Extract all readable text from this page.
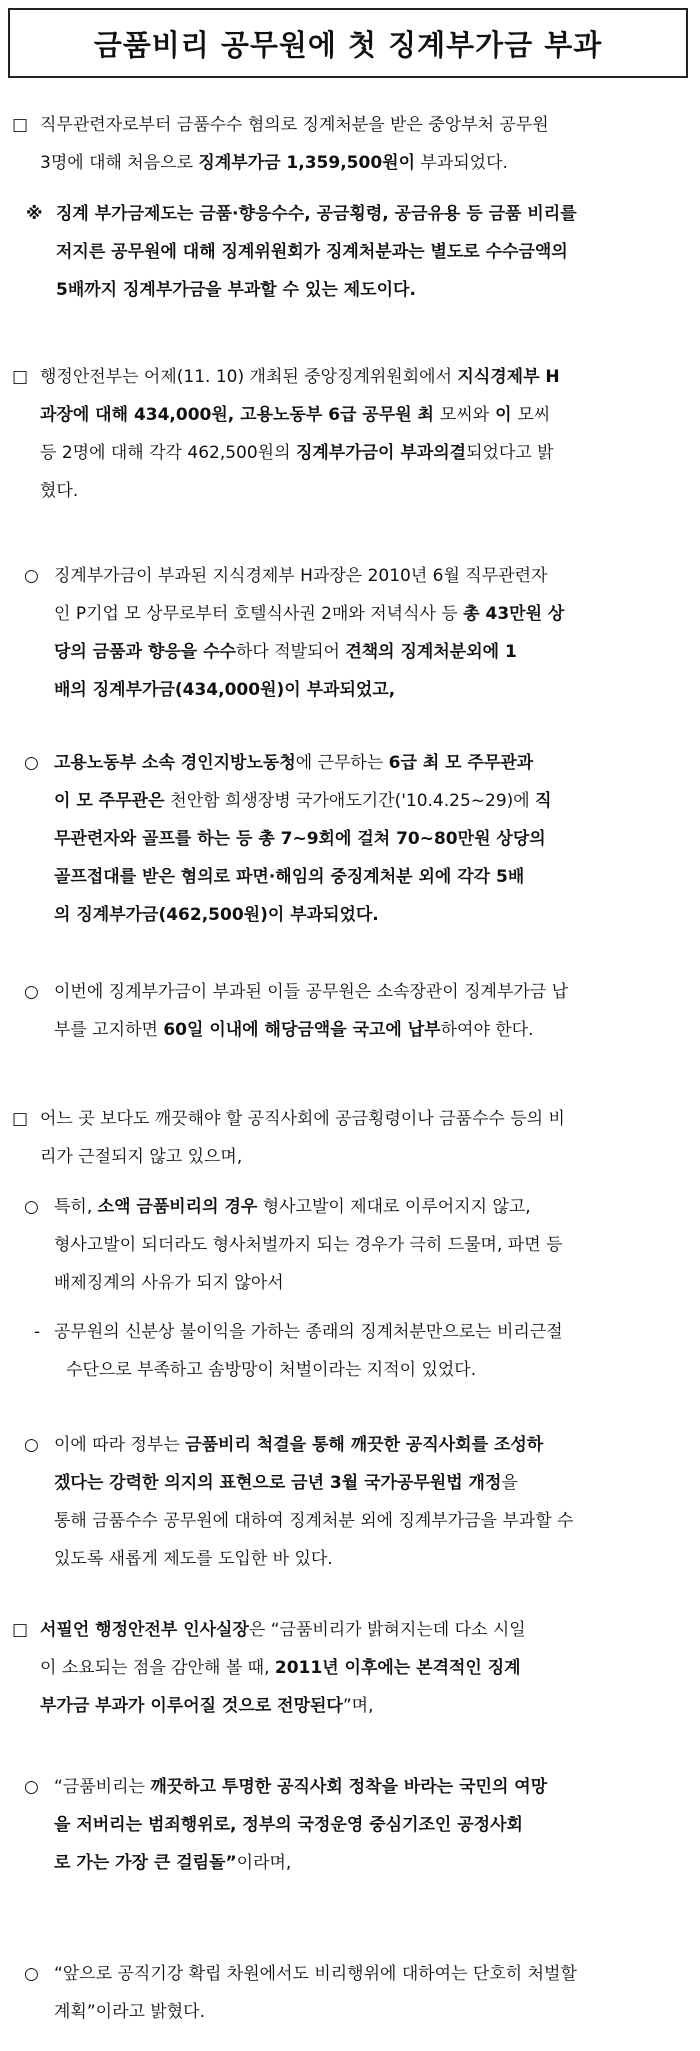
금품비리 공무원에 첫 징계부가금 부과
□ 직무관련자로부터 금품수수 혐의로 징계처분을 받은 중앙부처 공무원
3명에 대해 처음으로 징계부가금 1,359,500원이 부과되었다.
※ 징계 부가금제도는 금품·향응수수, 공금횡령, 공금유용 등 금품 비리를
저지른 공무원에 대해 징계위원회가 징계처분과는 별도로 수수금액의
5배까지 징계부가금을 부과할 수 있는 제도이다.
□ 행정안전부는 어제(11. 10) 개최된 중앙징계위원회에서 지식경제부 H
과장에 대해 434,000원, 고용노동부 6급 공무원 최 모씨와 이 모씨
등 2명에 대해 각각 462,500원의 징계부가금이 부과의결되었다고 밝
혔다.
○ 징계부가금이 부과된 지식경제부 H과장은 2010년 6월 직무관련자
인 P기업 모 상무로부터 호텔식사권 2매와 저녁식사 등 총 43만원 상
당의 금품과 향응을 수수하다 적발되어 견책의 징계처분외에 1
배의 징계부가금(434,000원)이 부과되었고,
○ 고용노동부 소속 경인지방노동청에 근무하는 6급 최 모 주무관과
이 모 주무관은 천안함 희생장병 국가애도기간('10.4.25~29)에 직
무관련자와 골프를 하는 등 총 7~9회에 걸쳐 70~80만원 상당의
골프접대를 받은 혐의로 파면·해임의 중징계처분 외에 각각 5배
의 징계부가금(462,500원)이 부과되었다.
○ 이번에 징계부가금이 부과된 이들 공무원은 소속장관이 징계부가금 납
부를 고지하면 60일 이내에 해당금액을 국고에 납부하여야 한다.
□ 어느 곳 보다도 깨끗해야 할 공직사회에 공금횡령이나 금품수수 등의 비
리가 근절되지 않고 있으며,
○ 특히, 소액 금품비리의 경우 형사고발이 제대로 이루어지지 않고,
형사고발이 되더라도 형사처벌까지 되는 경우가 극히 드물며, 파면 등
배제징계의 사유가 되지 않아서
- 공무원의 신분상 불이익을 가하는 종래의 징계처분만으로는 비리근절
수단으로 부족하고 솜방망이 처벌이라는 지적이 있었다.
○ 이에 따라 정부는 금품비리 척결을 통해 깨끗한 공직사회를 조성하
겠다는 강력한 의지의 표현으로 금년 3월 국가공무원법 개정을
통해 금품수수 공무원에 대하여 징계처분 외에 징계부가금을 부과할 수
있도록 새롭게 제도를 도입한 바 있다.
□ 서필언 행정안전부 인사실장은 “금품비리가 밝혀지는데 다소 시일
이 소요되는 점을 감안해 볼 때, 2011년 이후에는 본격적인 징계
부가금 부과가 이루어질 것으로 전망된다”며,
○ “금품비리는 깨끗하고 투명한 공직사회 정착을 바라는 국민의 여망
을 저버리는 범죄행위로, 정부의 국정운영 중심기조인 공정사회
로 가는 가장 큰 걸림돌”이라며,
○ “앞으로 공직기강 확립 차원에서도 비리행위에 대하여는 단호히 처벌할
계획”이라고 밝혔다.
